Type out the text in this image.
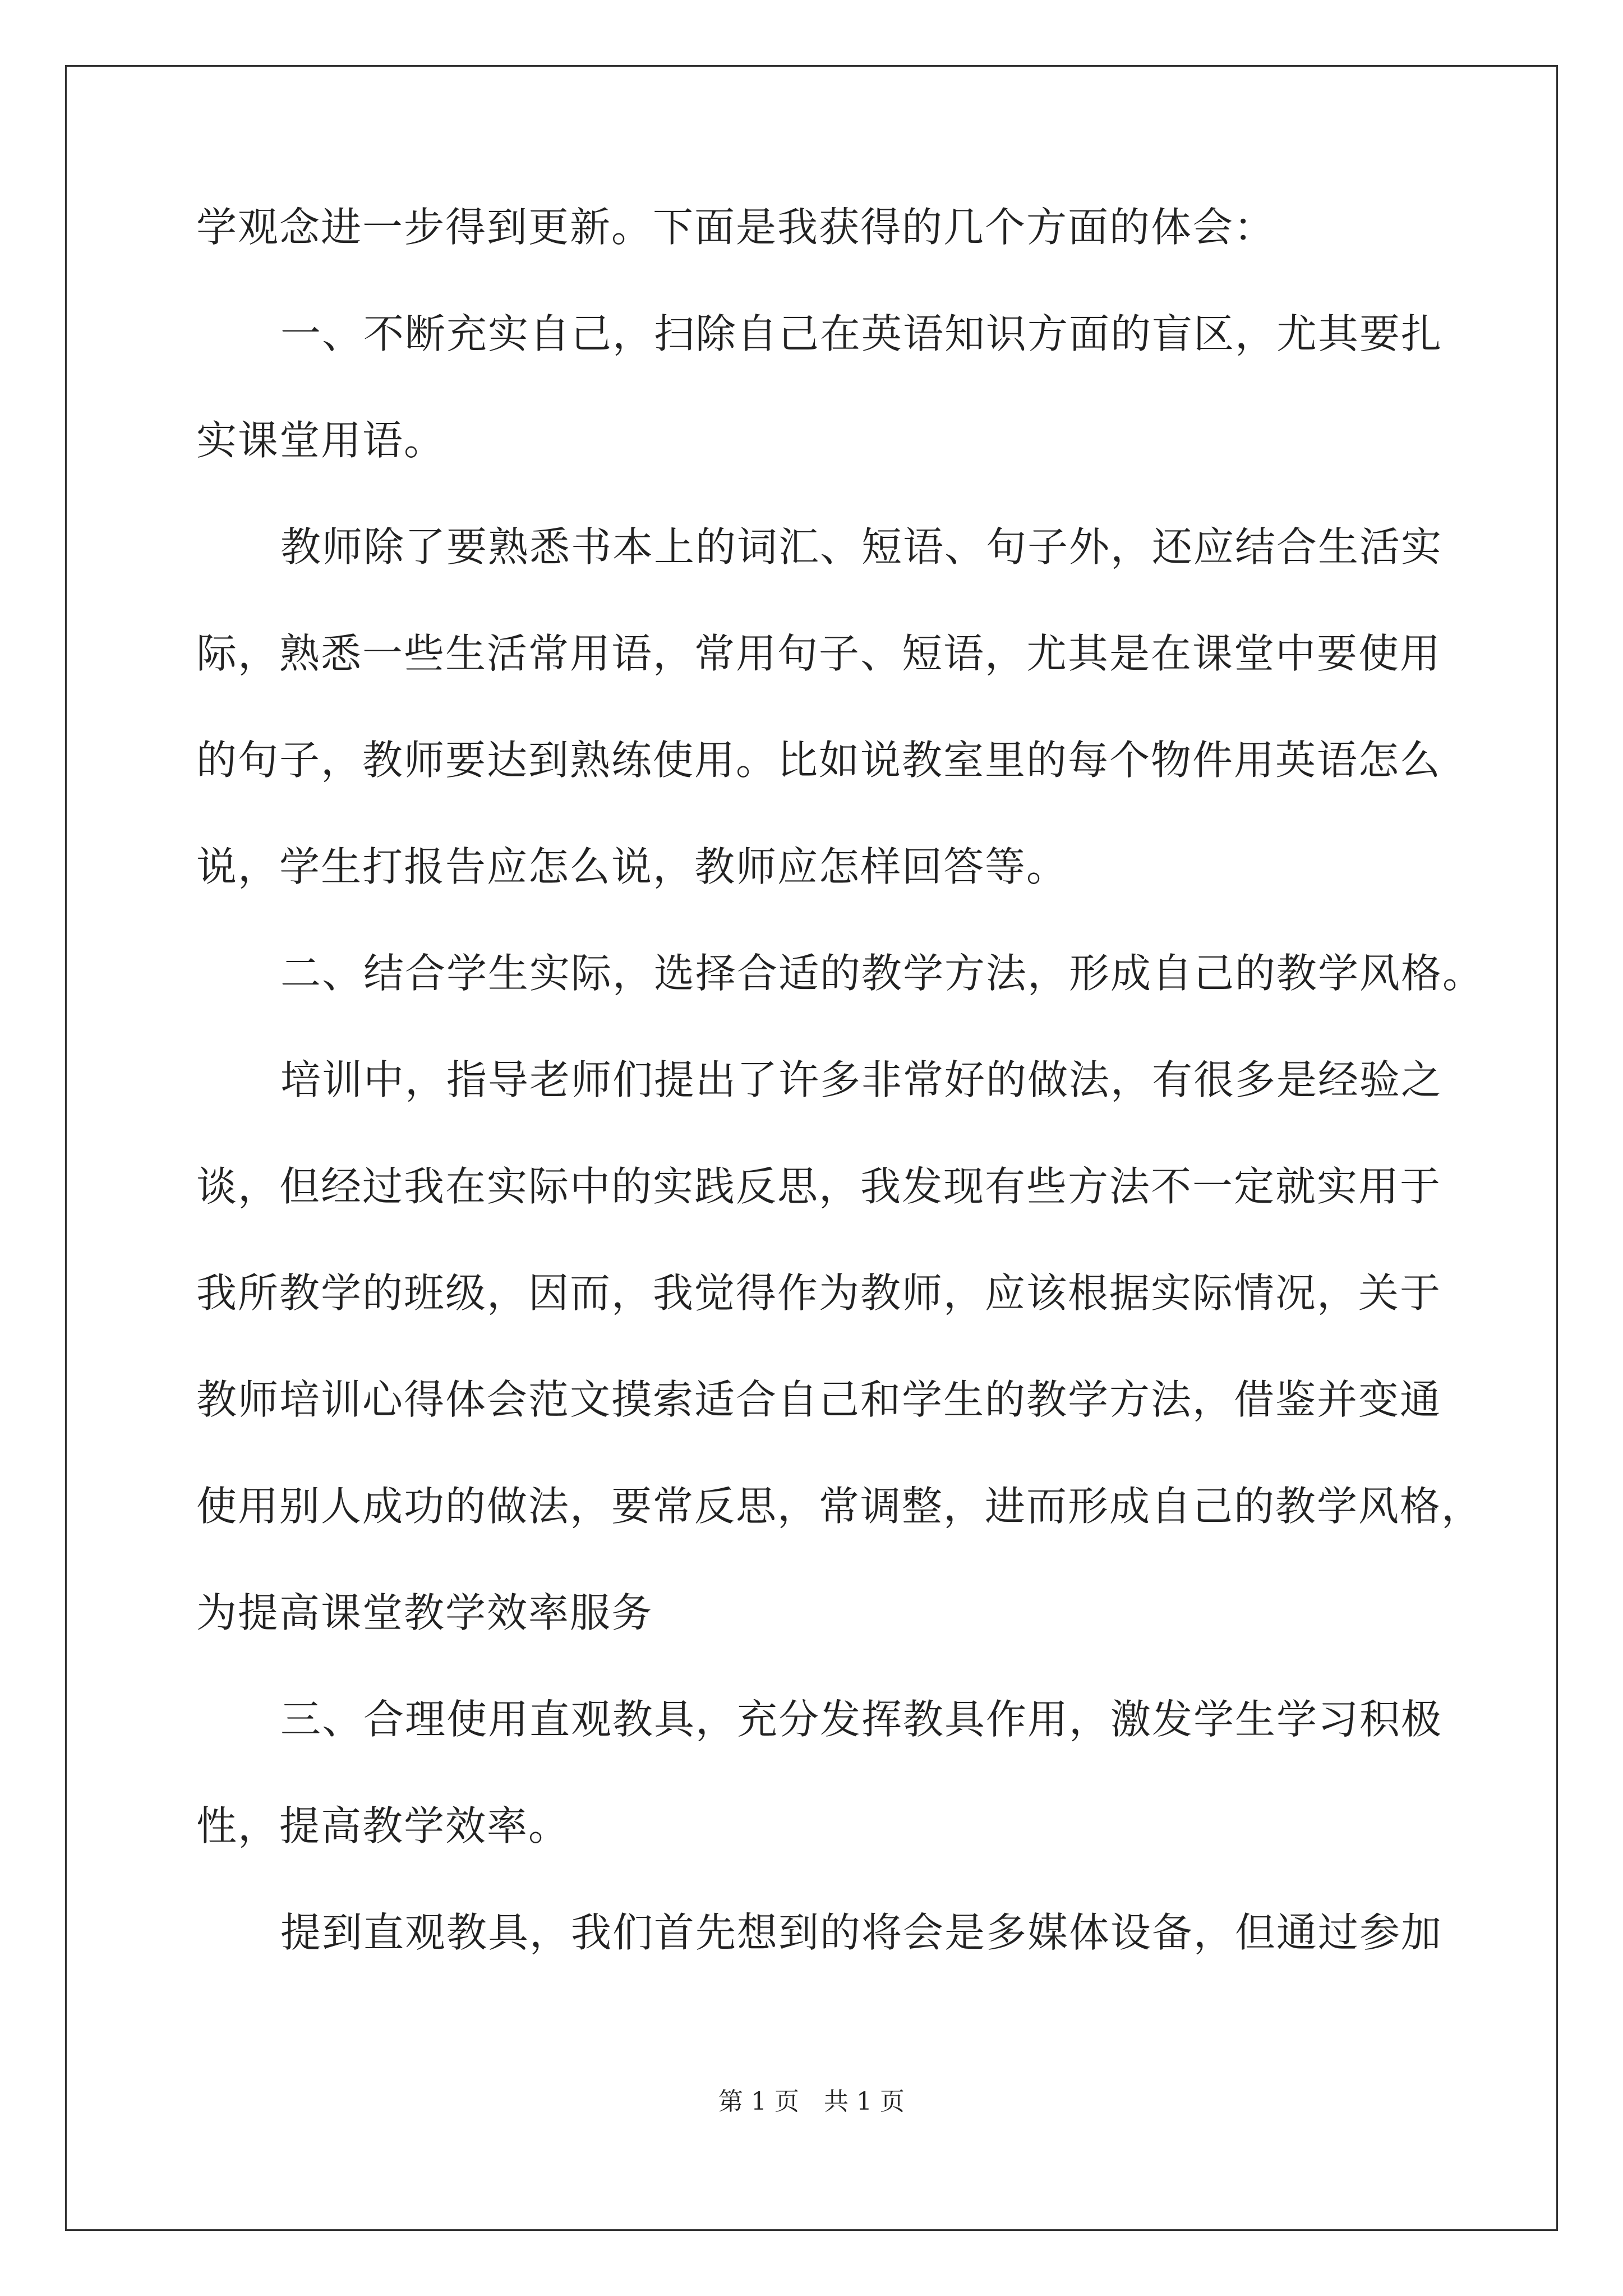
学观念进一步得到更新。下面是我获得的几个方面的体会：
一、不断充实自己，扫除自己在英语知识方面的盲区，尤其要扎
实课堂用语。
教师除了要熟悉书本上的词汇、短语、句子外，还应结合生活实
际，熟悉一些生活常用语，常用句子、短语，尤其是在课堂中要使用
的句子，教师要达到熟练使用。比如说教室里的每个物件用英语怎么
说，学生打报告应怎么说，教师应怎样回答等。
二、结合学生实际，选择合适的教学方法，形成自己的教学风格。
培训中，指导老师们提出了许多非常好的做法，有很多是经验之
谈，但经过我在实际中的实践反思，我发现有些方法不一定就实用于
我所教学的班级，因而，我觉得作为教师，应该根据实际情况，关于
教师培训心得体会范文摸索适合自己和学生的教学方法，借鉴并变通
使用别人成功的做法，要常反思，常调整，进而形成自己的教学风格，
为提高课堂教学效率服务
三、合理使用直观教具，充分发挥教具作用，激发学生学习积极
性，提高教学效率。
提到直观教具，我们首先想到的将会是多媒体设备，但通过参加
第 1 页　共 1 页
